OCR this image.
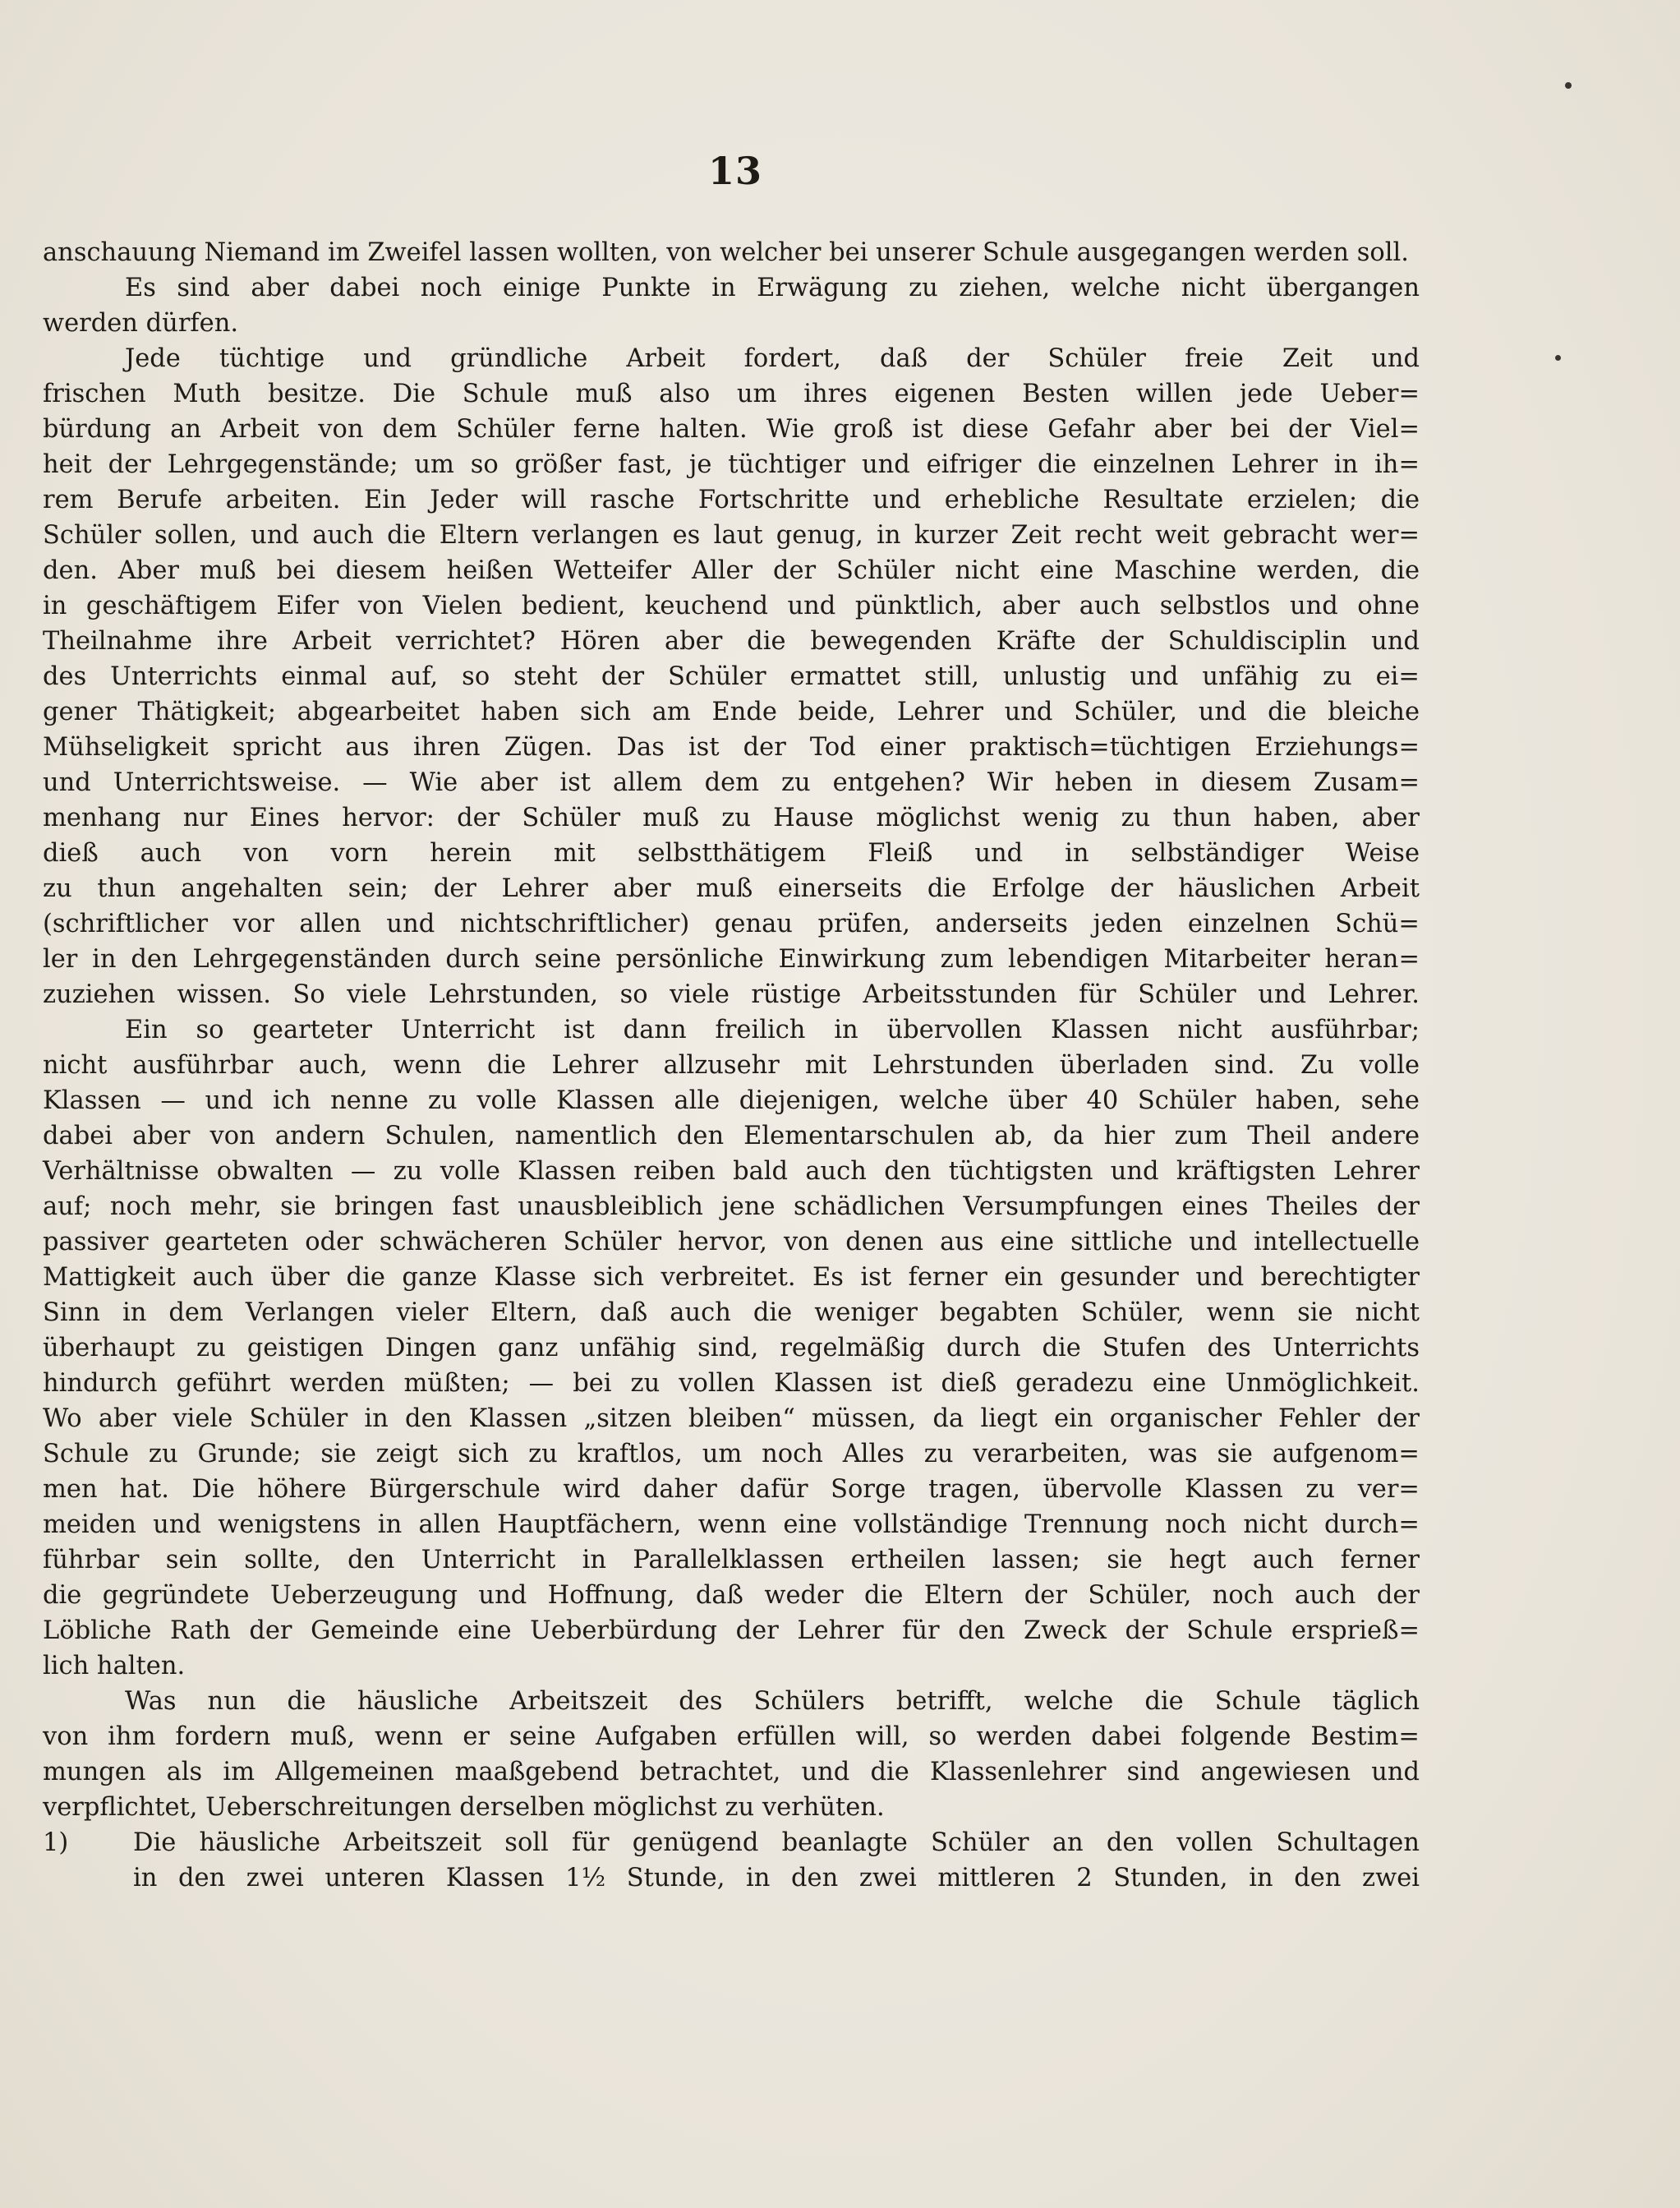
13
anschauung Niemand im Zweifel lassen wollten, von welcher bei unserer Schule ausgegangen werden soll.
Es sind aber dabei noch einige Punkte in Erwägung zu ziehen, welche nicht übergangen
werden dürfen.
Jede tüchtige und gründliche Arbeit fordert, daß der Schüler freie Zeit und
frischen Muth besitze. Die Schule muß also um ihres eigenen Besten willen jede Ueber=
bürdung an Arbeit von dem Schüler ferne halten. Wie groß ist diese Gefahr aber bei der Viel=
heit der Lehrgegenstände; um so größer fast, je tüchtiger und eifriger die einzelnen Lehrer in ih=
rem Berufe arbeiten. Ein Jeder will rasche Fortschritte und erhebliche Resultate erzielen; die
Schüler sollen, und auch die Eltern verlangen es laut genug, in kurzer Zeit recht weit gebracht wer=
den. Aber muß bei diesem heißen Wetteifer Aller der Schüler nicht eine Maschine werden, die
in geschäftigem Eifer von Vielen bedient, keuchend und pünktlich, aber auch selbstlos und ohne
Theilnahme ihre Arbeit verrichtet? Hören aber die bewegenden Kräfte der Schuldisciplin und
des Unterrichts einmal auf, so steht der Schüler ermattet still, unlustig und unfähig zu ei=
gener Thätigkeit; abgearbeitet haben sich am Ende beide, Lehrer und Schüler, und die bleiche
Mühseligkeit spricht aus ihren Zügen. Das ist der Tod einer praktisch=tüchtigen Erziehungs=
und Unterrichtsweise. — Wie aber ist allem dem zu entgehen? Wir heben in diesem Zusam=
menhang nur Eines hervor: der Schüler muß zu Hause möglichst wenig zu thun haben, aber
dieß auch von vorn herein mit selbstthätigem Fleiß und in selbständiger Weise
zu thun angehalten sein; der Lehrer aber muß einerseits die Erfolge der häuslichen Arbeit
(schriftlicher vor allen und nichtschriftlicher) genau prüfen, anderseits jeden einzelnen Schü=
ler in den Lehrgegenständen durch seine persönliche Einwirkung zum lebendigen Mitarbeiter heran=
zuziehen wissen. So viele Lehrstunden, so viele rüstige Arbeitsstunden für Schüler und Lehrer.
Ein so gearteter Unterricht ist dann freilich in übervollen Klassen nicht ausführbar;
nicht ausführbar auch, wenn die Lehrer allzusehr mit Lehrstunden überladen sind. Zu volle
Klassen — und ich nenne zu volle Klassen alle diejenigen, welche über 40 Schüler haben, sehe
dabei aber von andern Schulen, namentlich den Elementarschulen ab, da hier zum Theil andere
Verhältnisse obwalten — zu volle Klassen reiben bald auch den tüchtigsten und kräftigsten Lehrer
auf; noch mehr, sie bringen fast unausbleiblich jene schädlichen Versumpfungen eines Theiles der
passiver gearteten oder schwächeren Schüler hervor, von denen aus eine sittliche und intellectuelle
Mattigkeit auch über die ganze Klasse sich verbreitet. Es ist ferner ein gesunder und berechtigter
Sinn in dem Verlangen vieler Eltern, daß auch die weniger begabten Schüler, wenn sie nicht
überhaupt zu geistigen Dingen ganz unfähig sind, regelmäßig durch die Stufen des Unterrichts
hindurch geführt werden müßten; — bei zu vollen Klassen ist dieß geradezu eine Unmöglichkeit.
Wo aber viele Schüler in den Klassen „sitzen bleiben“ müssen, da liegt ein organischer Fehler der
Schule zu Grunde; sie zeigt sich zu kraftlos, um noch Alles zu verarbeiten, was sie aufgenom=
men hat. Die höhere Bürgerschule wird daher dafür Sorge tragen, übervolle Klassen zu ver=
meiden und wenigstens in allen Hauptfächern, wenn eine vollständige Trennung noch nicht durch=
führbar sein sollte, den Unterricht in Parallelklassen ertheilen lassen; sie hegt auch ferner
die gegründete Ueberzeugung und Hoffnung, daß weder die Eltern der Schüler, noch auch der
Löbliche Rath der Gemeinde eine Ueberbürdung der Lehrer für den Zweck der Schule ersprieß=
lich halten.
Was nun die häusliche Arbeitszeit des Schülers betrifft, welche die Schule täglich
von ihm fordern muß, wenn er seine Aufgaben erfüllen will, so werden dabei folgende Bestim=
mungen als im Allgemeinen maaßgebend betrachtet, und die Klassenlehrer sind angewiesen und
verpflichtet, Ueberschreitungen derselben möglichst zu verhüten.
1)	Die häusliche Arbeitszeit soll für genügend beanlagte Schüler an den vollen Schultagen
in den zwei unteren Klassen 1½ Stunde, in den zwei mittleren 2 Stunden, in den zwei
